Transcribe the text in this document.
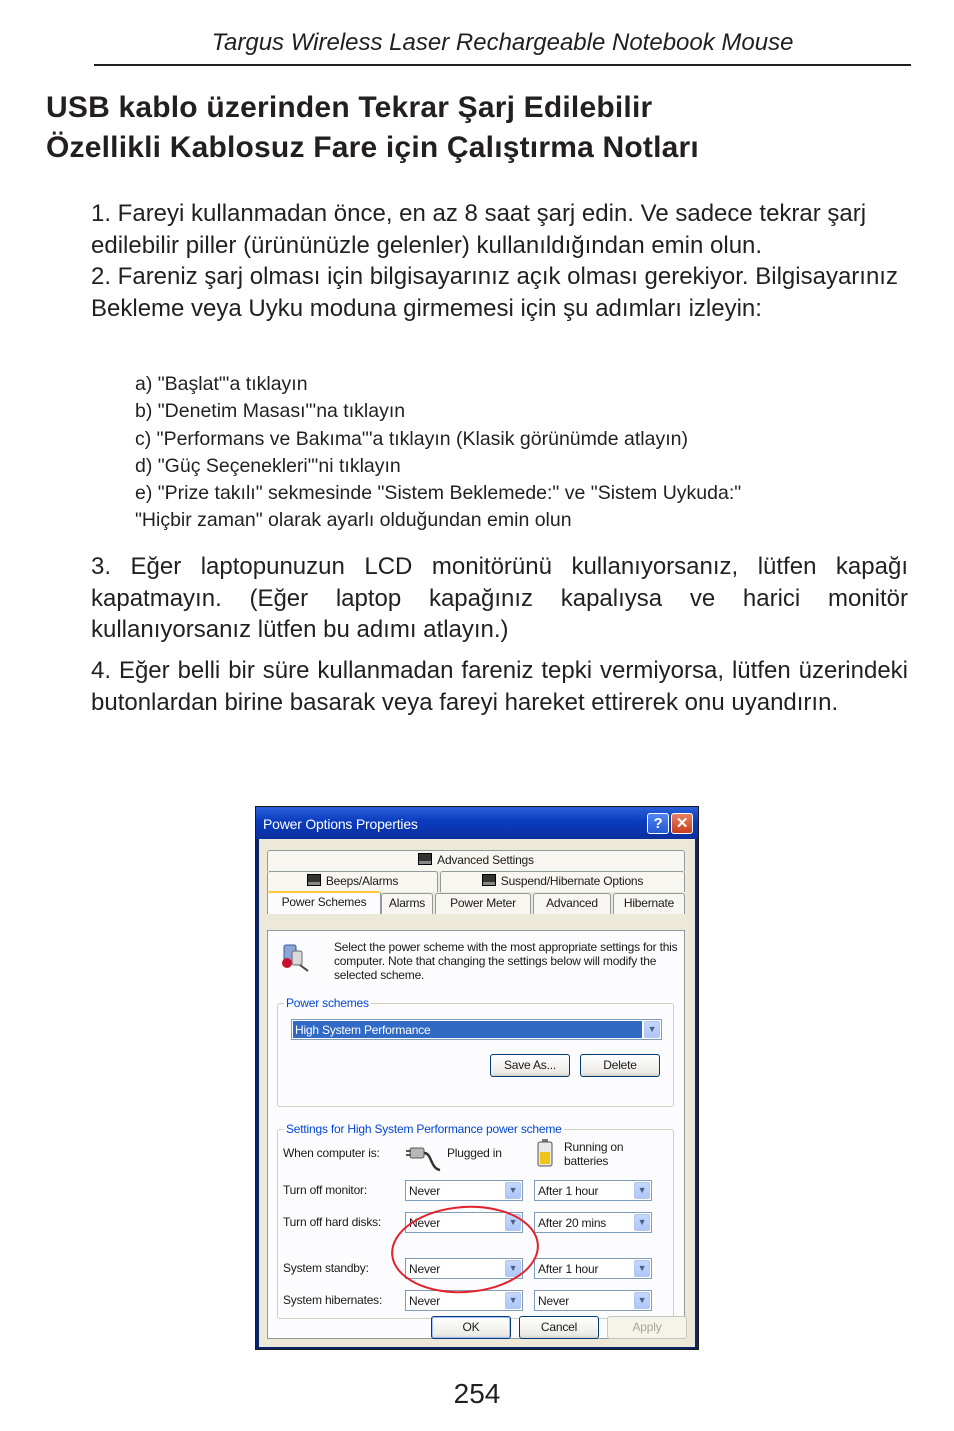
Targus Wireless Laser Rechargeable Notebook Mouse
USB kablo üzerinden Tekrar Şarj Edilebilir
Özellikli Kablosuz Fare için Çalıştırma Notları
1. Fareyi kullanmadan önce, en az 8 saat şarj edin. Ve sadece tekrar şarj edilebilir piller (ürününüzle gelenler) kullanıldığından emin olun.
2. Fareniz şarj olması için bilgisayarınız açık olması gerekiyor. Bilgisayarınız Bekleme veya Uyku moduna girmemesi için şu adımları izleyin:
a) "Başlat"'a tıklayın
b) "Denetim Masası"'na tıklayın
c) "Performans ve Bakıma"'a tıklayın (Klasik görünümde atlayın)
d) "Güç Seçenekleri"'ni tıklayın
e) "Prize takılı" sekmesinde "Sistem Beklemede:" ve "Sistem Uykuda:"
"Hiçbir zaman" olarak ayarlı olduğundan emin olun
3. Eğer laptopunuzun LCD monitörünü kullanıyorsanız, lütfen kapağı kapatmayın. (Eğer laptop kapağınız kapalıysa ve harici monitör kullanıyorsanız lütfen bu adımı atlayın.)
4. Eğer belli bir süre kullanmadan fareniz tepki vermiyorsa, lütfen üzerindeki butonlardan birine basarak veya fareyi hareket ettirerek onu uyandırın.
Power Options Properties	? ✕
Advanced Settings
Beeps/Alarms	Suspend/Hibernate Options
Power Schemes	Alarms	Power Meter	Advanced	Hibernate
Select the power scheme with the most appropriate settings for this computer. Note that changing the settings below will modify the selected scheme.
Power schemes
High System Performance	▼
Save As...	Delete
Settings for High System Performance power scheme
When computer is:	Plugged in	Running on batteries
Turn off monitor:	Never	▼	After 1 hour	▼
Turn off hard disks: Never	▼	After 20 mins	▼
System standby:	Never	▼	After 1 hour	▼
System hibernates: Never	▼	Never	▼
OK	Cancel	Apply
254
